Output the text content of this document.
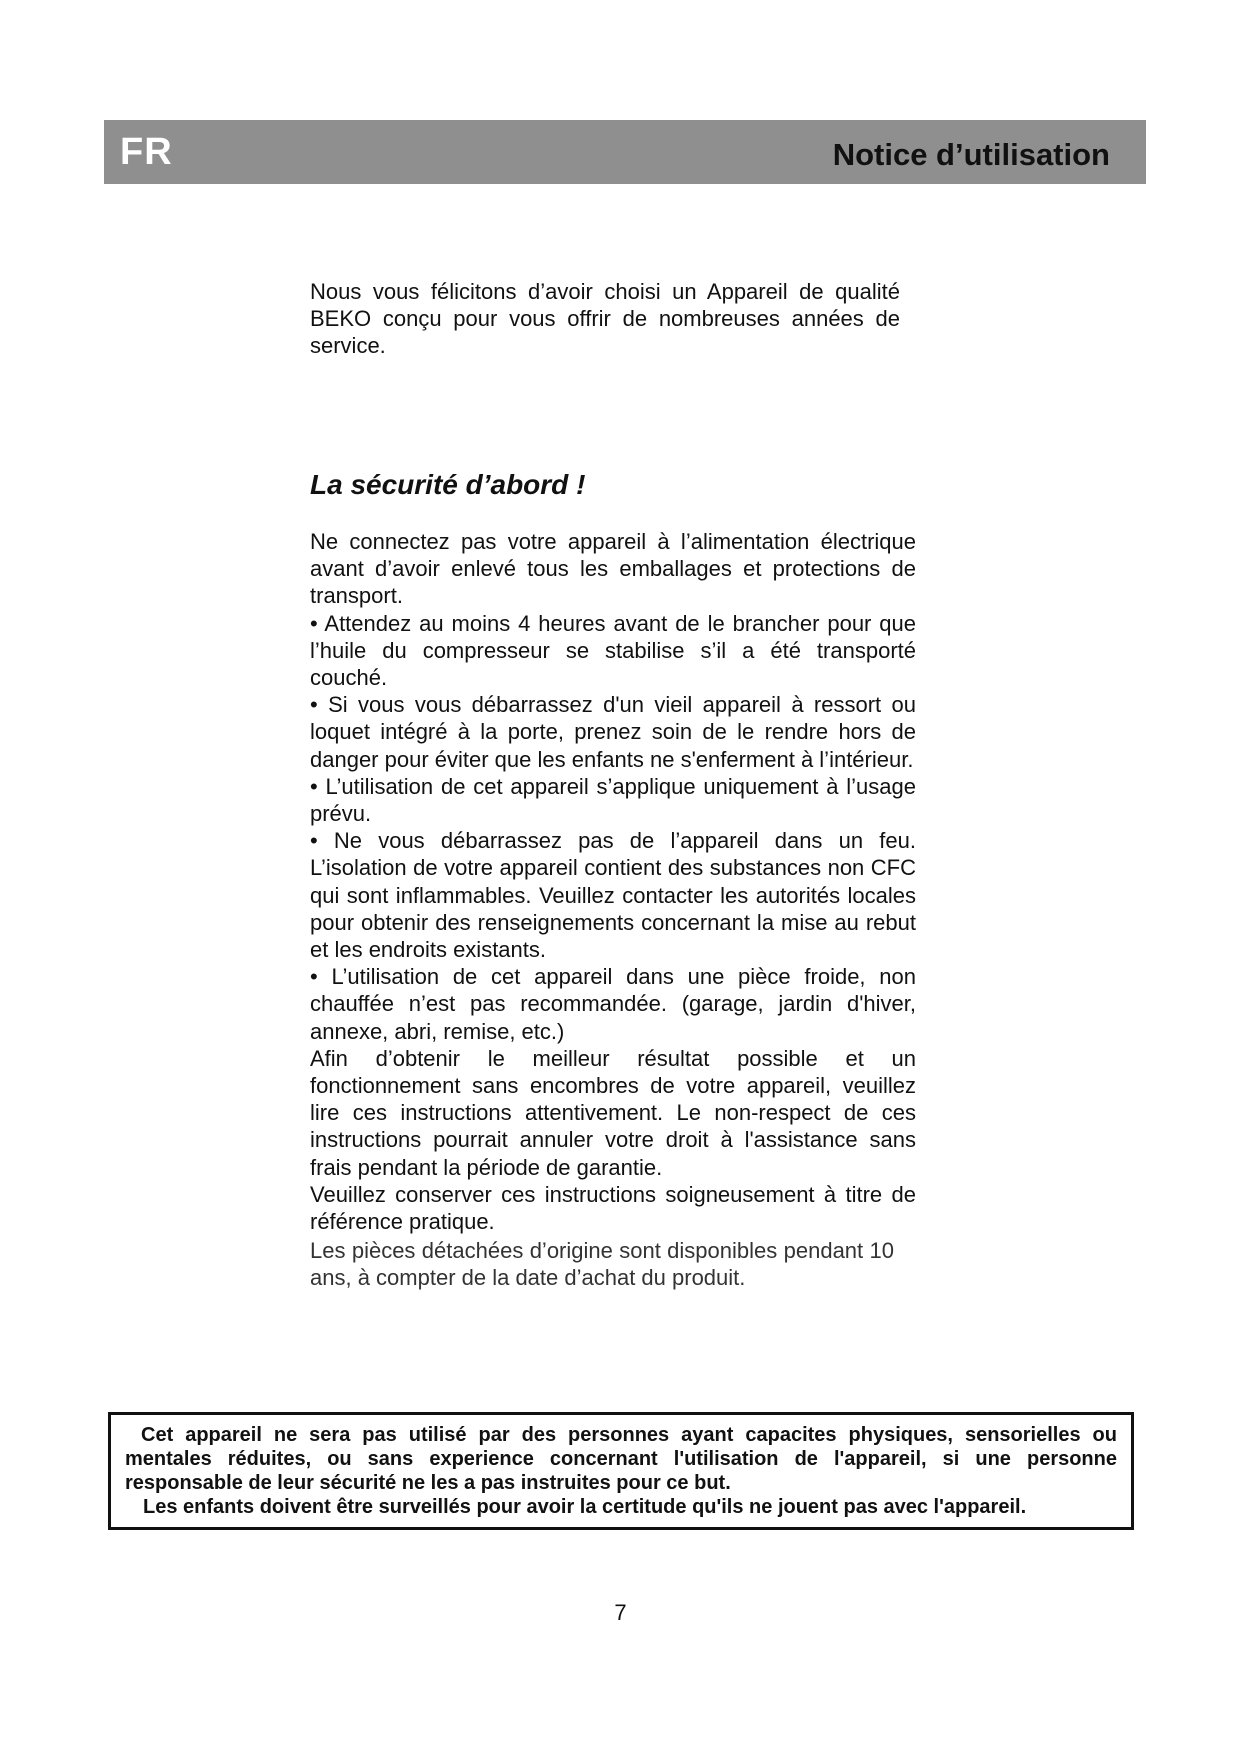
FR	Notice d’utilisation
Nous vous félicitons d’avoir choisi un Appareil de qualité BEKO conçu pour vous offrir de nombreuses années de service.
La sécurité d’abord !

Ne connectez pas votre appareil à l’alimentation électrique avant d’avoir enlevé tous les emballages et protections de transport.

• Attendez au moins 4 heures avant de le brancher pour que l’huile du compresseur se stabilise s’il a été transporté couché.

• Si vous vous débarrassez d'un vieil appareil à ressort ou loquet intégré à la porte, prenez soin de le rendre hors de danger pour éviter que les enfants ne s'enferment à l’intérieur.

• L’utilisation de cet appareil s’applique uniquement à l’usage prévu.

• Ne vous débarrassez pas de l’appareil dans un feu. L’isolation de votre appareil contient des substances non CFC qui sont inflammables. Veuillez contacter les autorités locales pour obtenir des renseignements concernant la mise au rebut et les endroits existants.

• L’utilisation de cet appareil dans une pièce froide, non chauffée n’est pas recommandée. (garage, jardin d'hiver, annexe, abri, remise, etc.)

Afin d’obtenir le meilleur résultat possible et un fonctionnement sans encombres de votre appareil, veuillez lire ces instructions attentivement. Le non-respect de ces instructions pourrait annuler votre droit à l'assistance sans frais pendant la période de garantie.

Veuillez conserver ces instructions soigneusement à titre de référence pratique.

Les pièces détachées d’origine sont disponibles pendant 10 ans, à compter de la date d’achat du produit.

Cet appareil ne sera pas utilisé par des personnes ayant capacites physiques, sensorielles ou mentales réduites, ou sans experience concernant l'utilisation de l'appareil, si une personne responsable de leur sécurité ne les a pas instruites pour ce but.

Les enfants doivent être surveillés pour avoir la certitude qu'ils ne jouent pas avec l'appareil.

7
